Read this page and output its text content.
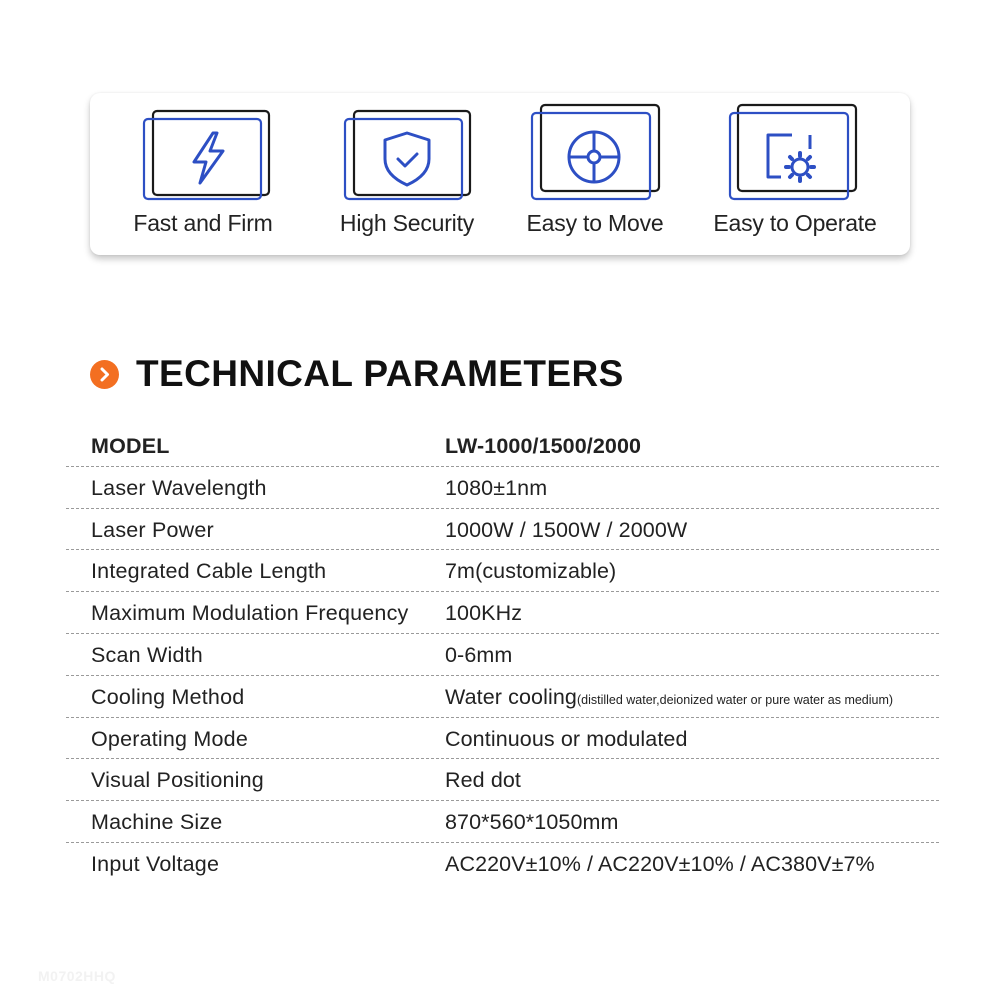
Fast and Firm	High Security	Easy to Move	Easy to Operate
TECHNICAL PARAMETERS
MODEL	LW-1000/1500/2000
Laser Wavelength	1080±1nm
Laser Power	1000W / 1500W / 2000W
Integrated Cable Length	7m(customizable)
Maximum Modulation Frequency 100KHz
Scan Width	0-6mm
Cooling Method	Water cooling(distilled water,deionized water or pure water as medium)
Operating Mode	Continuous or modulated
Visual Positioning	Red dot
Machine Size	870*560*1050mm
Input Voltage	AC220V±10% / AC220V±10% / AC380V±7%
M0702HHQ
